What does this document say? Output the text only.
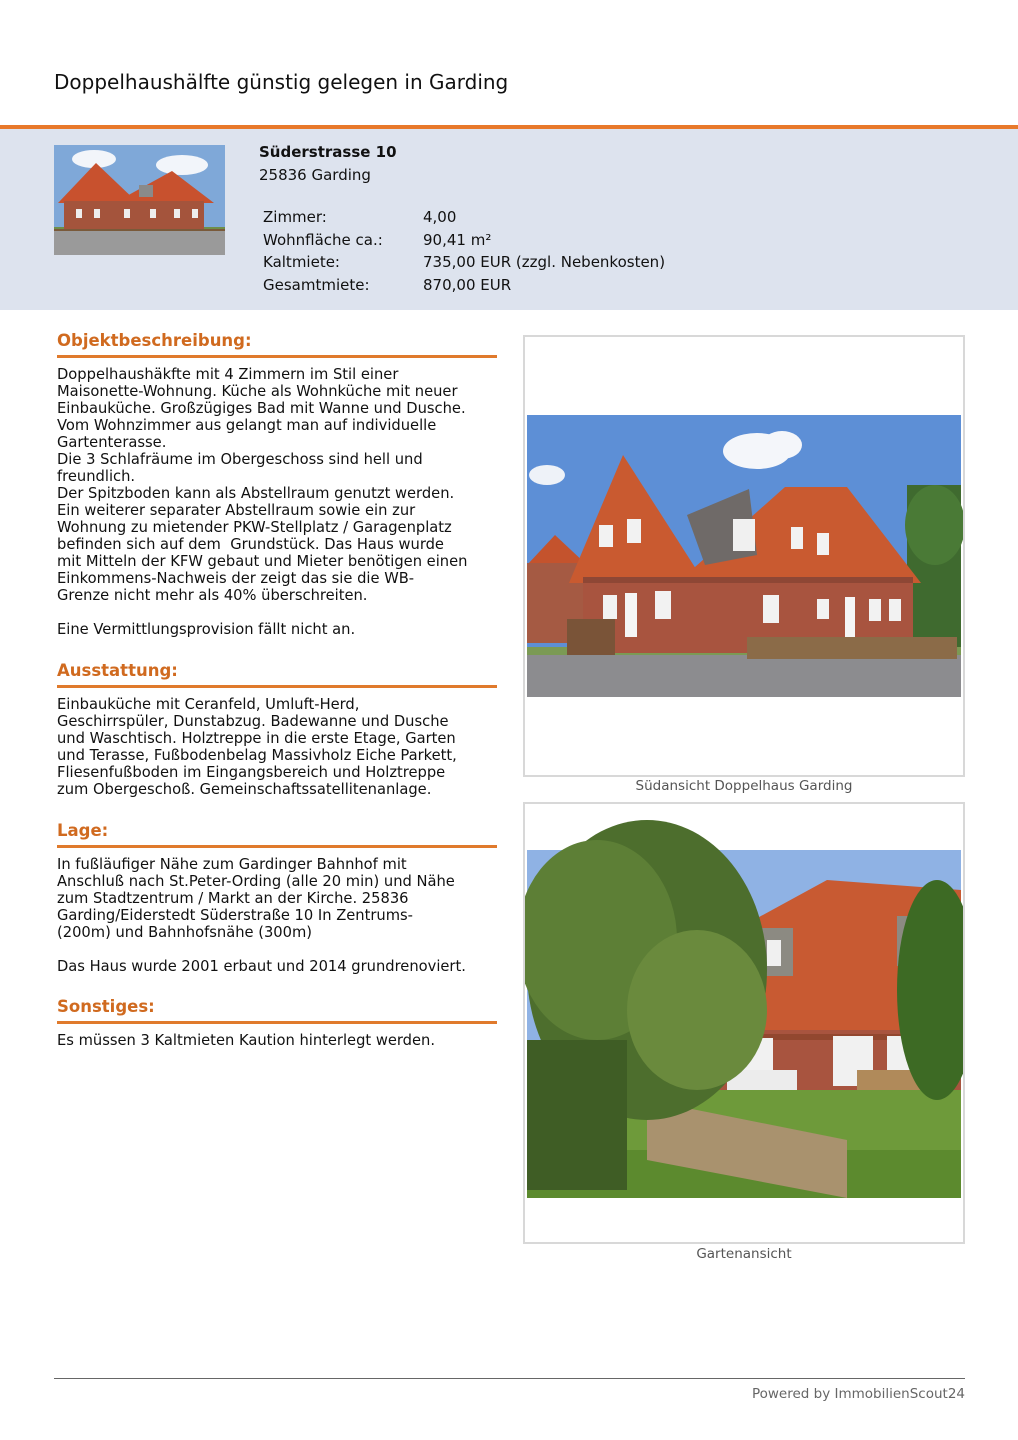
Doppelhaushälfte günstig gelegen in Garding
Süderstrasse 10
25836 Garding
Zimmer:	4,00
Wohnfläche ca.:	90,41 m²
Kaltmiete:	735,00 EUR (zzgl. Nebenkosten)
Gesamtmiete:	870,00 EUR
Objektbeschreibung:
Doppelhaushäkfte mit 4 Zimmern im Stil einer
Maisonette-Wohnung. Küche als Wohnküche mit neuer
Einbauküche. Großzügiges Bad mit Wanne und Dusche.
Vom Wohnzimmer aus gelangt man auf individuelle
Gartenterasse.
Die 3 Schlafräume im Obergeschoss sind hell und
freundlich.
Der Spitzboden kann als Abstellraum genutzt werden.
Ein weiterer separater Abstellraum sowie ein zur
Wohnung zu mietender PKW-Stellplatz / Garagenplatz
befinden sich auf dem  Grundstück. Das Haus wurde
mit Mitteln der KFW gebaut und Mieter benötigen einen
Einkommens-Nachweis der zeigt das sie die WB-
Grenze nicht mehr als 40% überschreiten.

Eine Vermittlungsprovision fällt nicht an.
Ausstattung:
Einbauküche mit Ceranfeld, Umluft-Herd,
Geschirrspüler, Dunstabzug. Badewanne und Dusche
und Waschtisch. Holztreppe in die erste Etage, Garten
und Terasse, Fußbodenbelag Massivholz Eiche Parkett,
Fliesenfußboden im Eingangsbereich und Holztreppe
zum Obergeschoß. Gemeinschaftssatellitenanlage.
Lage:
In fußläufiger Nähe zum Gardinger Bahnhof mit
Anschluß nach St.Peter-Ording (alle 20 min) und Nähe
zum Stadtzentrum / Markt an der Kirche. 25836
Garding/Eiderstedt Süderstraße 10 In Zentrums-
(200m) und Bahnhofsnähe (300m)

Das Haus wurde 2001 erbaut und 2014 grundrenoviert.
Sonstiges:
Es müssen 3 Kaltmieten Kaution hinterlegt werden.
Südansicht Doppelhaus Garding
Gartenansicht
Powered by ImmobilienScout24
